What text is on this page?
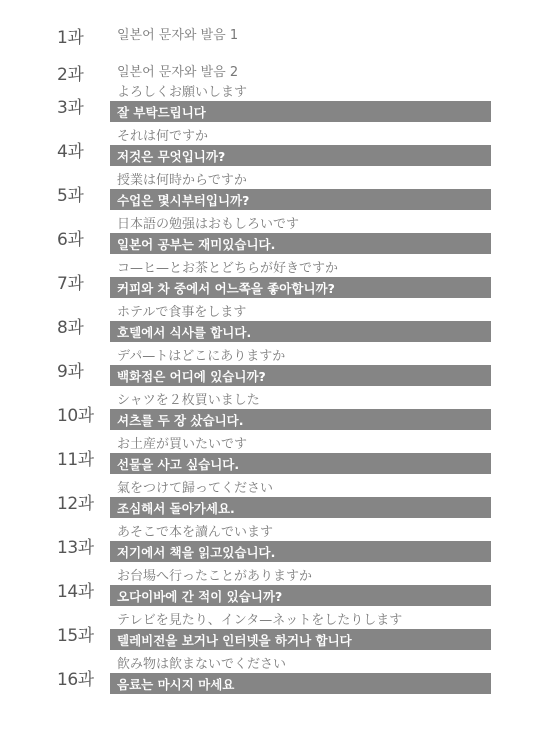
1과	일본어 문자와 발음 1
2과	일본어 문자와 발음 2
3과
よろしくお願いします
잘 부탁드립니다
4과
それは何ですか
저것은 무엇입니까?
5과
授業は何時からですか
수업은 몇시부터입니까?
6과
日本語の勉强はおもしろいです
일본어 공부는 재미있습니다.
7과
コ—ヒ—とお茶とどちらが好きですか
커피와 차 중에서 어느쪽을 좋아합니까?
8과
ホテルで食事をします
호텔에서 식사를 합니다.
9과
デパ—トはどこにありますか
백화점은 어디에 있습니까?
10과
シャツを２枚買いました
셔츠를 두 장 샀습니다.
11과
お土産が買いたいです
선물을 사고 싶습니다.
12과
氣をつけて歸ってください
조심해서 돌아가세요.
13과
あそこで本を讀んでいます
저기에서 책을 읽고있습니다.
14과
お台場へ行ったことがありますか
오다이바에 간 적이 있습니까?
15과
テレビを見たり、インタ—ネットをしたりします
텔레비전을 보거나 인터넷을 하거나 합니다
16과
飮み物は飮まないでください
음료는 마시지 마세요
